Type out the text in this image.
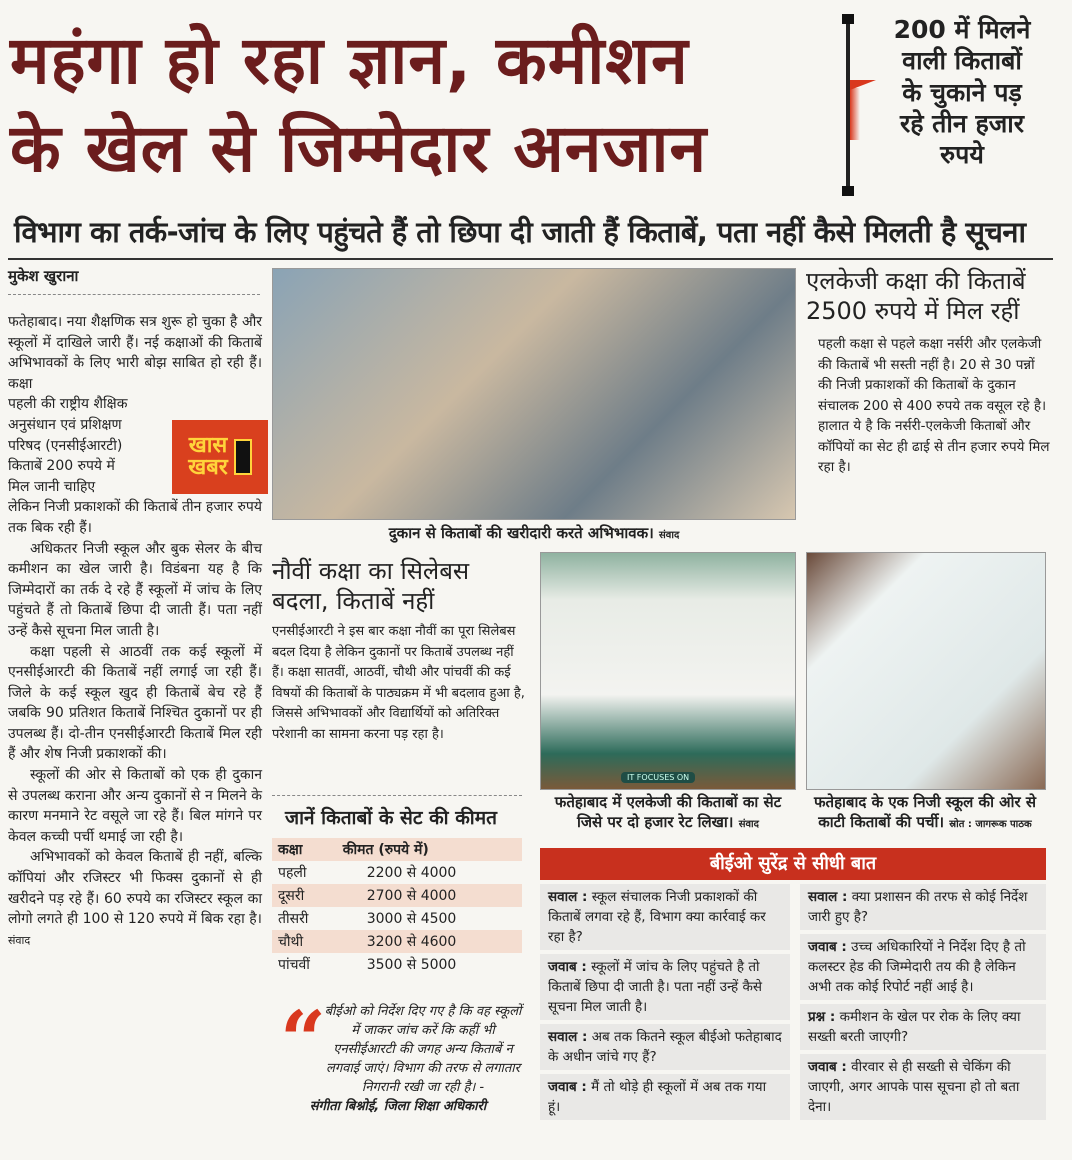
महंगा हो रहा ज्ञान, कमीशन
के खेल से जिम्मेदार अनजान
200 में मिलने
वाली किताबों
के चुकाने पड़
रहे तीन हजार
रुपये
विभाग का तर्क-जांच के लिए पहुंचते हैं तो छिपा दी जाती हैं किताबें, पता नहीं कैसे मिलती है सूचना
मुकेश खुराना

फतेहाबाद। नया शैक्षणिक सत्र शुरू हो चुका है और स्कूलों में दाखिले जारी हैं। नई कक्षाओं की किताबें अभिभावकों के लिए भारी बोझ साबित हो रही हैं। कक्षा

पहली की राष्ट्रीय शैक्षिक
अनुसंधान एवं प्रशिक्षण
परिषद (एनसीईआरटी)
किताबें 200 रुपये में
मिल जानी चाहिए

लेकिन निजी प्रकाशकों की किताबें तीन हजार रुपये तक बिक रही हैं।

अधिकतर निजी स्कूल और बुक सेलर के बीच कमीशन का खेल जारी है। विडंबना यह है कि जिम्मेदारों का तर्क दे रहे हैं स्कूलों में जांच के लिए पहुंचते हैं तो किताबें छिपा दी जाती हैं। पता नहीं उन्हें कैसे सूचना मिल जाती है।

कक्षा पहली से आठवीं तक कई स्कूलों में एनसीईआरटी की किताबें नहीं लगाई जा रही हैं। जिले के कई स्कूल खुद ही किताबें बेच रहे हैं जबकि 90 प्रतिशत किताबें निश्चित दुकानों पर ही उपलब्ध हैं। दो-तीन एनसीईआरटी किताबें मिल रही हैं और शेष निजी प्रकाशकों की।

स्कूलों की ओर से किताबों को एक ही दुकान से उपलब्ध कराना और अन्य दुकानों से न मिलने के कारण मनमाने रेट वसूले जा रहे हैं। बिल मांगने पर केवल कच्ची पर्ची थमाई जा रही है।

अभिभावकों को केवल किताबें ही नहीं, बल्कि कॉपियां और रजिस्टर भी फिक्स दुकानों से ही खरीदने पड़ रहे हैं। 60 रुपये का रजिस्टर स्कूल का लोगो लगते ही 100 से 120 रुपये में बिक रहा है। संवाद

खास
खबर
दुकान से किताबों की खरीदारी करते अभिभावक। संवाद
एलकेजी कक्षा की किताबें 2500 रुपये में मिल रहीं
पहली कक्षा से पहले कक्षा नर्सरी और एलकेजी की किताबें भी सस्ती नहीं है। 20 से 30 पन्नों की निजी प्रकाशकों की किताबों के दुकान संचालक 200 से 400 रुपये तक वसूल रहे है। हालात ये है कि नर्सरी-एलकेजी किताबों और कॉपियों का सेट ही ढाई से तीन हजार रुपये मिल रहा है।
नौवीं कक्षा का सिलेबस बदला, किताबें नहीं
एनसीईआरटी ने इस बार कक्षा नौवीं का पूरा सिलेबस बदल दिया है लेकिन दुकानों पर किताबें उपलब्ध नहीं हैं। कक्षा सातवीं, आठवीं, चौथी और पांचवीं की कई विषयों की किताबों के पाठ्यक्रम में भी बदलाव हुआ है, जिससे अभिभावकों और विद्यार्थियों को अतिरिक्त परेशानी का सामना करना पड़ रहा है।
जानें किताबों के सेट की कीमत
कक्षा	कीमत (रुपये में)
पहली	2200 से 4000
दूसरी	2700 से 4000
तीसरी	3000 से 4500
चौथी	3200 से 4600
पांचवीं	3500 से 5000
“
बीईओ को निर्देश दिए गए है कि वह स्कूलों में जाकर जांच करें कि कहीं भी एनसीईआरटी की जगह अन्य किताबें न लगवाई जाएं। विभाग की तरफ से लगातार निगरानी रखी जा रही है। -
संगीता बिश्नोई, जिला शिक्षा अधिकारी
IT FOCUSES ON
फतेहाबाद में एलकेजी की किताबों का सेट जिसे पर दो हजार रेट लिखा। संवाद
फतेहाबाद के एक निजी स्कूल की ओर से काटी किताबों की पर्ची। स्रोत : जागरूक पाठक
बीईओ सुरेंद्र से सीधी बात
सवाल : स्कूल संचालक निजी प्रकाशकों की किताबें लगवा रहे हैं, विभाग क्या कार्रवाई कर रहा है?
जवाब : स्कूलों में जांच के लिए पहुंचते है तो किताबें छिपा दी जाती है। पता नहीं उन्हें कैसे सूचना मिल जाती है।
सवाल : अब तक कितने स्कूल बीईओ फतेहाबाद के अधीन जांचे गए हैं?
जवाब : मैं तो थोड़े ही स्कूलों में अब तक गया हूं।
सवाल : क्या प्रशासन की तरफ से कोई निर्देश जारी हुए है?
जवाब : उच्च अधिकारियों ने निर्देश दिए है तो कलस्टर हेड की जिम्मेदारी तय की है लेकिन अभी तक कोई रिपोर्ट नहीं आई है।
प्रश्न : कमीशन के खेल पर रोक के लिए क्या सख्ती बरती जाएगी?
जवाब : वीरवार से ही सख्ती से चेकिंग की जाएगी, अगर आपके पास सूचना हो तो बता देना।
